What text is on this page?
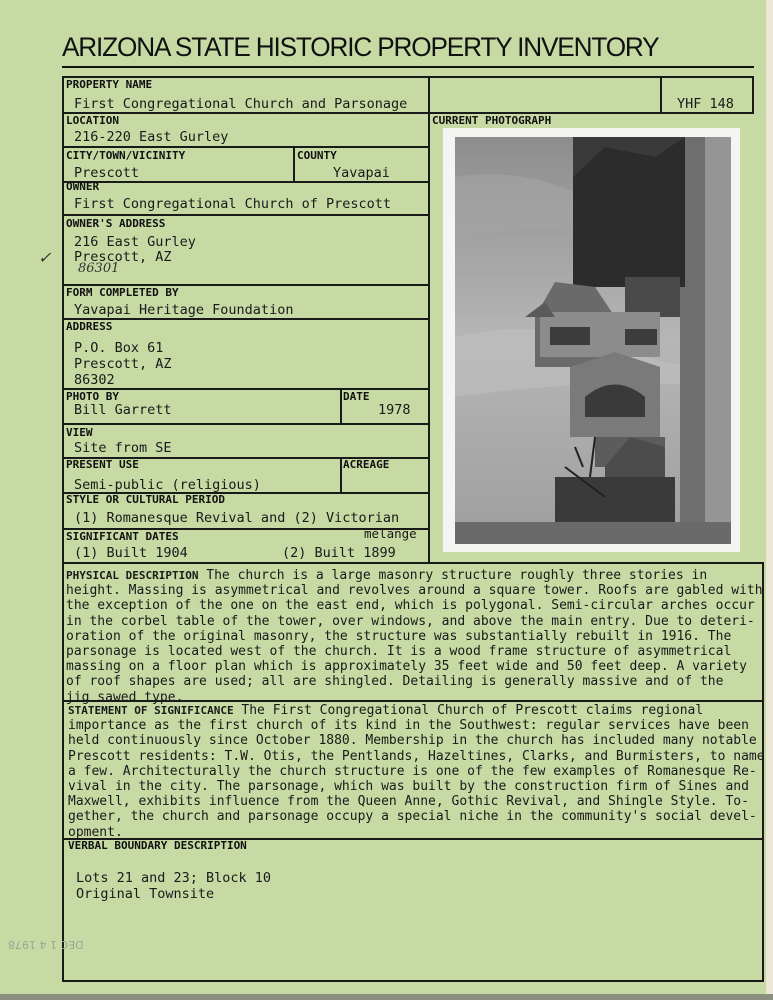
ARIZONA STATE HISTORIC PROPERTY INVENTORY
PROPERTY NAME
First Congregational Church and Parsonage	YHF 148
LOCATION
216-220 East Gurley
CURRENT PHOTOGRAPH
CITY/TOWN/VICINITY
Prescott
COUNTY
Yavapai
OWNER
First Congregational Church of Prescott
OWNER'S ADDRESS
216 East Gurley
Prescott, AZ
86301
✓
FORM COMPLETED BY
Yavapai Heritage Foundation
ADDRESS
P.O. Box 61
Prescott, AZ
86302
PHOTO BY
Bill Garrett
DATE
1978
VIEW
Site from SE
PRESENT USE
Semi-public (religious)
ACREAGE
STYLE OR CULTURAL PERIOD
(1) Romanesque Revival and (2) Victorian
melange
SIGNIFICANT DATES
(1) Built 1904	(2) Built 1899
PHYSICAL DESCRIPTION The church is a large masonry structure roughly three stories in
height. Massing is asymmetrical and revolves around a square tower. Roofs are gabled with
the exception of the one on the east end, which is polygonal. Semi-circular arches occur
in the corbel table of the tower, over windows, and above the main entry. Due to deteri-
oration of the original masonry, the structure was substantially rebuilt in 1916. The
parsonage is located west of the church. It is a wood frame structure of asymmetrical
massing on a floor plan which is approximately 35 feet wide and 50 feet deep. A variety
of roof shapes are used; all are shingled. Detailing is generally massive and of the
jig sawed type.
STATEMENT OF SIGNIFICANCE The First Congregational Church of Prescott claims regional
importance as the first church of its kind in the Southwest: regular services have been
held continuously since October 1880. Membership in the church has included many notable
Prescott residents: T.W. Otis, the Pentlands, Hazeltines, Clarks, and Burmisters, to name
a few. Architecturally the church structure is one of the few examples of Romanesque Re-
vival in the city. The parsonage, which was built by the construction firm of Sines and
Maxwell, exhibits influence from the Queen Anne, Gothic Revival, and Shingle Style. To-
gether, the church and parsonage occupy a special niche in the community's social devel-
opment.
VERBAL BOUNDARY DESCRIPTION
Lots 21 and 23; Block 10
Original Townsite
DEC 1 4 1978
